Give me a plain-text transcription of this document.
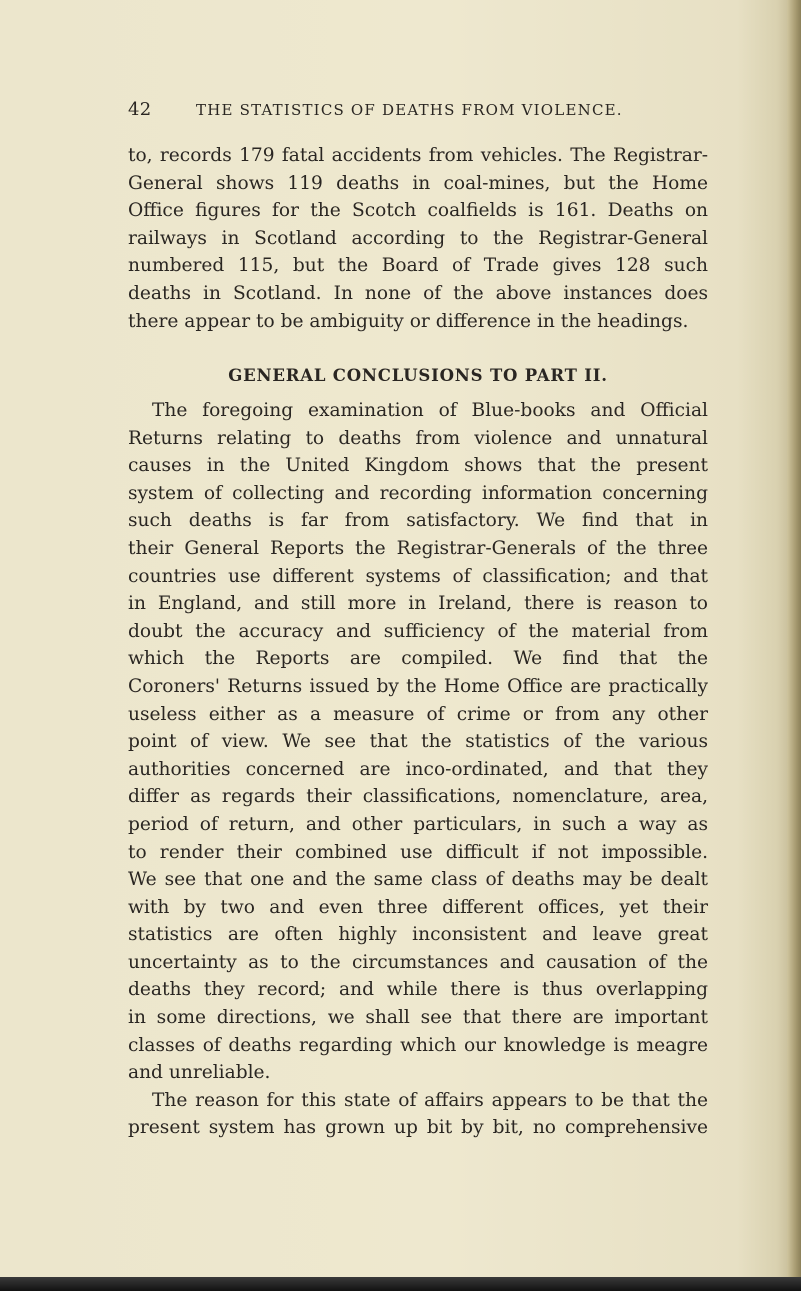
42	THE STATISTICS OF DEATHS FROM VIOLENCE.
to, records 179 fatal accidents from vehicles. The Registrar-
General shows 119 deaths in coal-mines, but the Home
Office figures for the Scotch coalfields is 161. Deaths on
railways in Scotland according to the Registrar-General
numbered 115, but the Board of Trade gives 128 such
deaths in Scotland. In none of the above instances does
there appear to be ambiguity or difference in the headings.
GENERAL CONCLUSIONS TO PART II.
The foregoing examination of Blue-books and Official
Returns relating to deaths from violence and unnatural
causes in the United Kingdom shows that the present
system of collecting and recording information concerning
such deaths is far from satisfactory. We find that in
their General Reports the Registrar-Generals of the three
countries use different systems of classification; and that
in England, and still more in Ireland, there is reason to
doubt the accuracy and sufficiency of the material from
which the Reports are compiled. We find that the
Coroners' Returns issued by the Home Office are practically
useless either as a measure of crime or from any other
point of view. We see that the statistics of the various
authorities concerned are inco-ordinated, and that they
differ as regards their classifications, nomenclature, area,
period of return, and other particulars, in such a way as
to render their combined use difficult if not impossible.
We see that one and the same class of deaths may be dealt
with by two and even three different offices, yet their
statistics are often highly inconsistent and leave great
uncertainty as to the circumstances and causation of the
deaths they record; and while there is thus overlapping
in some directions, we shall see that there are important
classes of deaths regarding which our knowledge is meagre
and unreliable.
The reason for this state of affairs appears to be that the
present system has grown up bit by bit, no comprehensive
